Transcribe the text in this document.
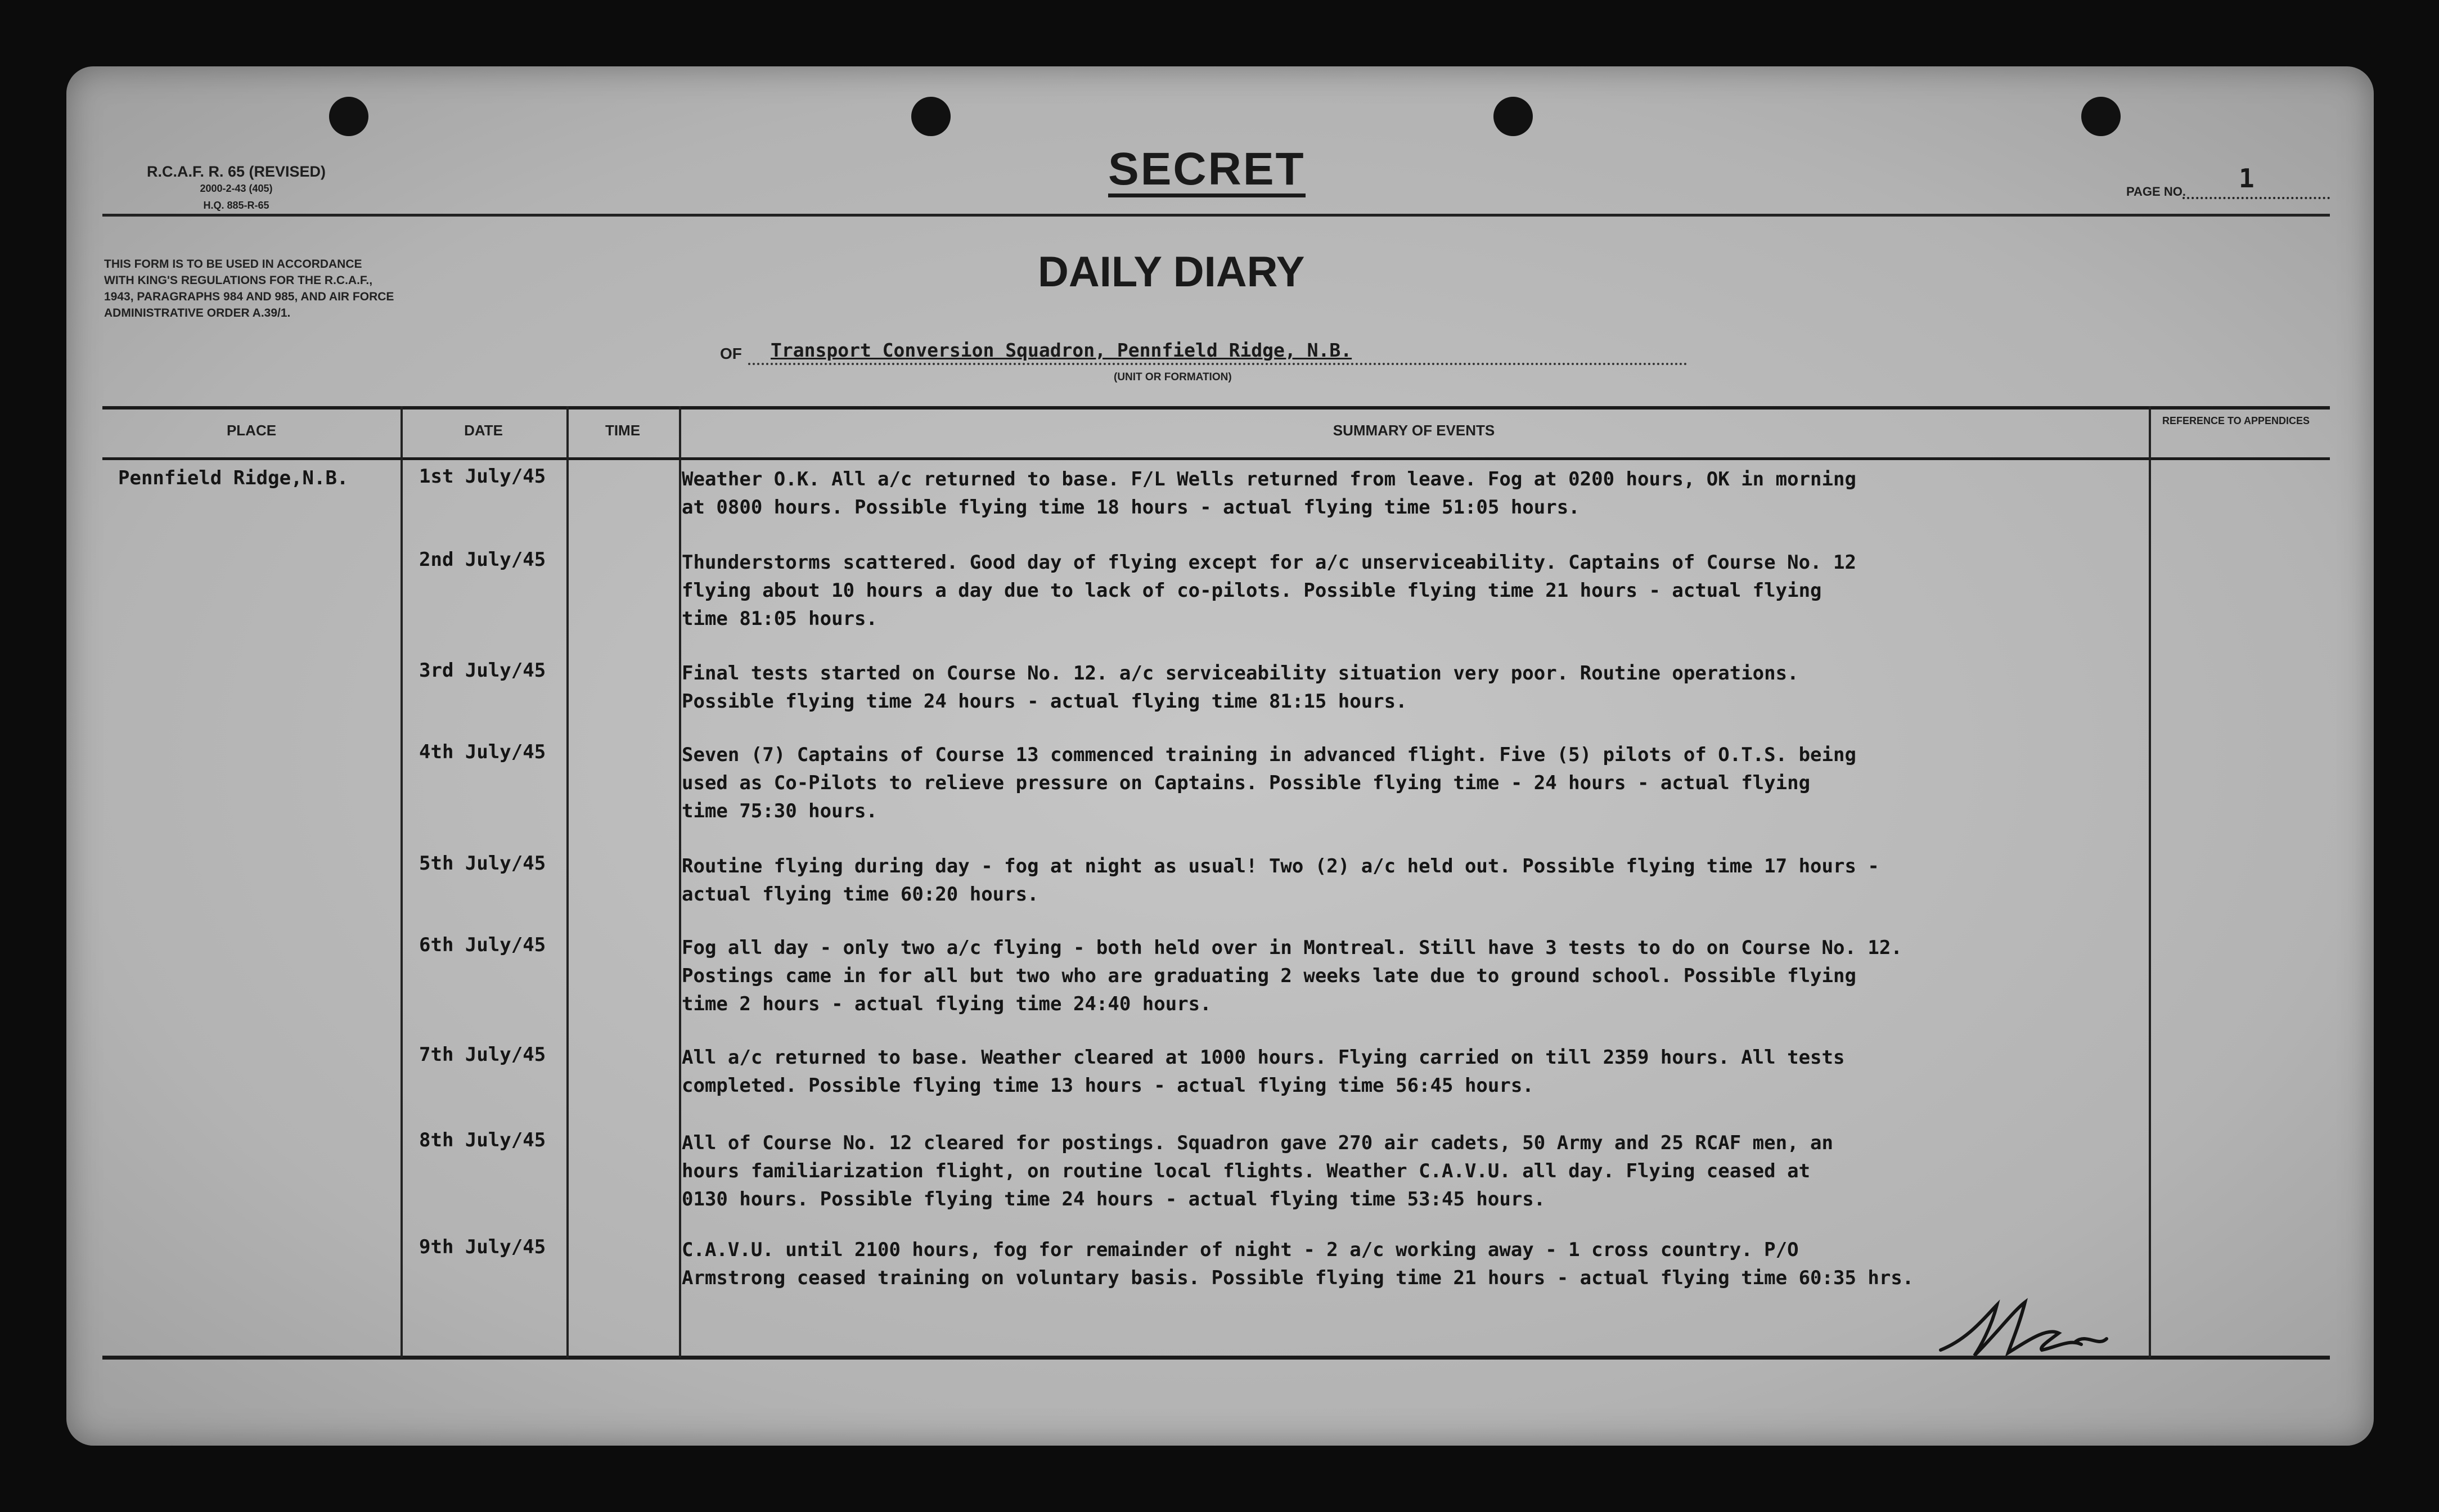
R.C.A.F. R. 65 (REVISED)
2000-2-43 (405)
H.Q. 885-R-65
SECRET	PAGE NO. 1
THIS FORM IS TO BE USED IN ACCORDANCE
WITH KING'S REGULATIONS FOR THE R.C.A.F.,
1943, PARAGRAPHS 984 AND 985, AND AIR FORCE
ADMINISTRATIVE ORDER A.39/1.
DAILY DIARY
OF Transport Conversion Squadron, Pennfield Ridge, N.B.
(UNIT OR FORMATION)
PLACE	DATE	TIME	SUMMARY OF EVENTS
REFERENCE TO APPENDICES
Pennfield Ridge,N.B.	1st July/45	Weather O.K. All a/c returned to base. F/L Wells returned from leave. Fog at 0200 hours, OK in morning
at 0800 hours. Possible flying time 18 hours - actual flying time 51:05 hours.
2nd July/45	Thunderstorms scattered. Good day of flying except for a/c unserviceability. Captains of Course No. 12
flying about 10 hours a day due to lack of co-pilots. Possible flying time 21 hours - actual flying
time 81:05 hours.
3rd July/45	Final tests started on Course No. 12. a/c serviceability situation very poor. Routine operations.
Possible flying time 24 hours - actual flying time 81:15 hours.
4th July/45	Seven (7) Captains of Course 13 commenced training in advanced flight. Five (5) pilots of O.T.S. being
used as Co-Pilots to relieve pressure on Captains. Possible flying time - 24 hours - actual flying
time 75:30 hours.
5th July/45	Routine flying during day - fog at night as usual! Two (2) a/c held out. Possible flying time 17 hours -
actual flying time 60:20 hours.
6th July/45	Fog all day - only two a/c flying - both held over in Montreal. Still have 3 tests to do on Course No. 12.
Postings came in for all but two who are graduating 2 weeks late due to ground school. Possible flying
time 2 hours - actual flying time 24:40 hours.
7th July/45	All a/c returned to base. Weather cleared at 1000 hours. Flying carried on till 2359 hours. All tests
completed. Possible flying time 13 hours - actual flying time 56:45 hours.
8th July/45	All of Course No. 12 cleared for postings. Squadron gave 270 air cadets, 50 Army and 25 RCAF men, an
hours familiarization flight, on routine local flights. Weather C.A.V.U. all day. Flying ceased at
0130 hours. Possible flying time 24 hours - actual flying time 53:45 hours.
9th July/45	C.A.V.U. until 2100 hours, fog for remainder of night - 2 a/c working away - 1 cross country. P/O
Armstrong ceased training on voluntary basis. Possible flying time 21 hours - actual flying time 60:35 hrs.
